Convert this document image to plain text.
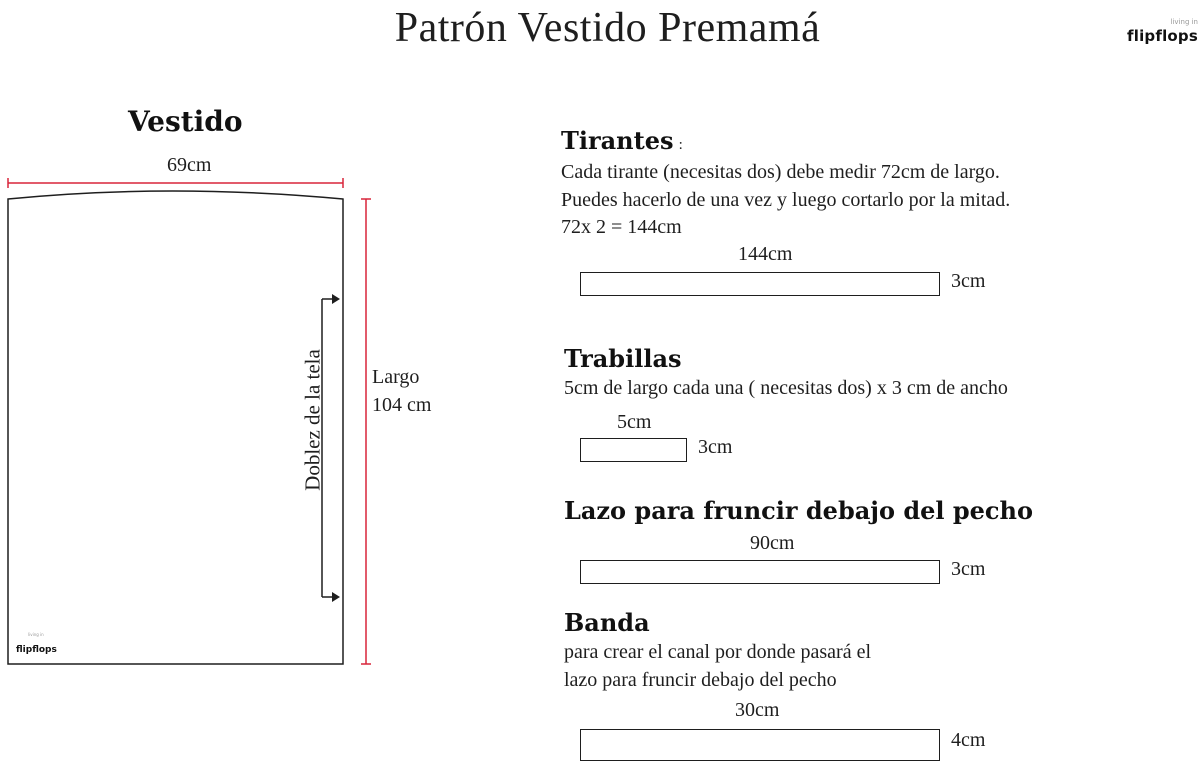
Patrón Vestido Premamá	living in
flipflops
Vestido
69cm
Doblez de la tela Largo
104 cm
living in
flipflops
Tirantes :
Cada tirante (necesitas dos) debe medir 72cm de largo.
Puedes hacerlo de una vez y luego cortarlo por la mitad.
72x 2 = 144cm
144cm
3cm
Trabillas
5cm de largo cada una ( necesitas dos) x 3 cm de ancho
5cm
3cm
Lazo para fruncir debajo del pecho
90cm
3cm
Banda
para crear el canal por donde pasará el
lazo para fruncir debajo del pecho
30cm
4cm
